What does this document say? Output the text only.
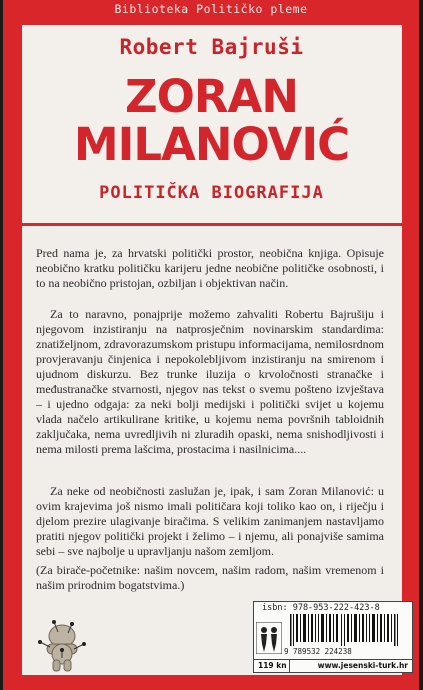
Biblioteka Političko pleme
Robert Bajruši
ZORAN
MILANOVIĆ
POLITIČKA BIOGRAFIJA

Pred nama je, za hrvatski politički prostor, neobična knjiga. Opisuje neobično kratku političku karijeru jedne neobične političke osobnosti, i to na neobično pristojan, ozbiljan i objektivan način.

Za to naravno, ponajprije možemo zahvaliti Robertu Bajrušiju i njegovom inzistiranju na natprosječnim novinarskim standardima: znatiželjnom, zdravorazumskom pristupu informacijama, nemilosrdnom provjeravanju činjenica i nepokolebljivom inzistiranju na smirenom i ujudnom diskurzu. Bez trunke iluzija o krvoločnosti stranačke i međustranačke stvarnosti, njegov nas tekst o svemu pošteno izvještava – i ujedno odgaja: za neki bolji medijski i politički svijet u kojemu vlada načelo artikulirane kritike, u kojemu nema površnih tabloidnih zaključaka, nema uvredljivih ni zluradih opaski, nema snishodljivosti i nema milosti prema lašcima, prostacima i nasilnicima....

Za neke od neobičnosti zaslužan je, ipak, i sam Zoran Milanović: u ovim krajevima još nismo imali političara koji toliko kao on, i riječju i djelom prezire ulagivanje biračima. S velikim zanimanjem nastavljamo pratiti njegov politički projekt i želimo – i njemu, ali ponajviše samima sebi – sve najbolje u upravljanju našom zemljom.

(Za birače-početnike: našim novcem, našim radom, našim vremenom i našim prirodnim bogatstvima.)

isbn: 978-953-222-423-8
9 789532 224238
119 kn	www.jesenski-turk.hr
